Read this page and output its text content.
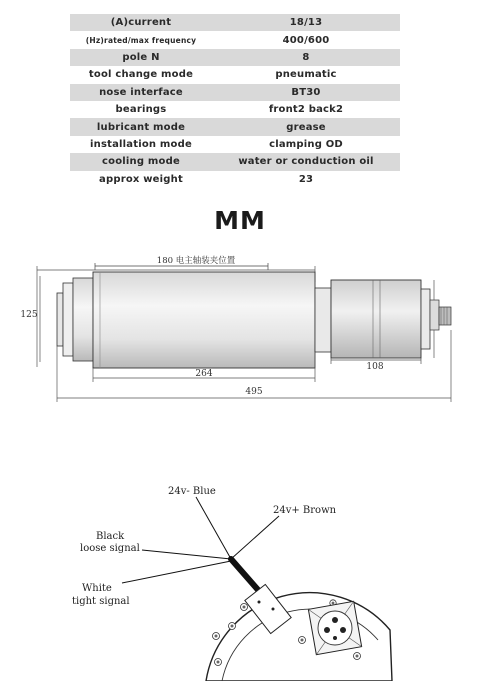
(A)current	18/13
(Hz)rated/max frequency	400/600
pole N	8
tool change mode	pneumatic
nose interface	BT30
bearings	front2 back2
lubricant mode	grease
installation mode	clamping OD
cooling mode	water or conduction oil
approx weight	23
MM
180 电主轴装夹位置
125
264
108
495
24v- Blue
24v+ Brown
Black
loose signal
White
tight signal
